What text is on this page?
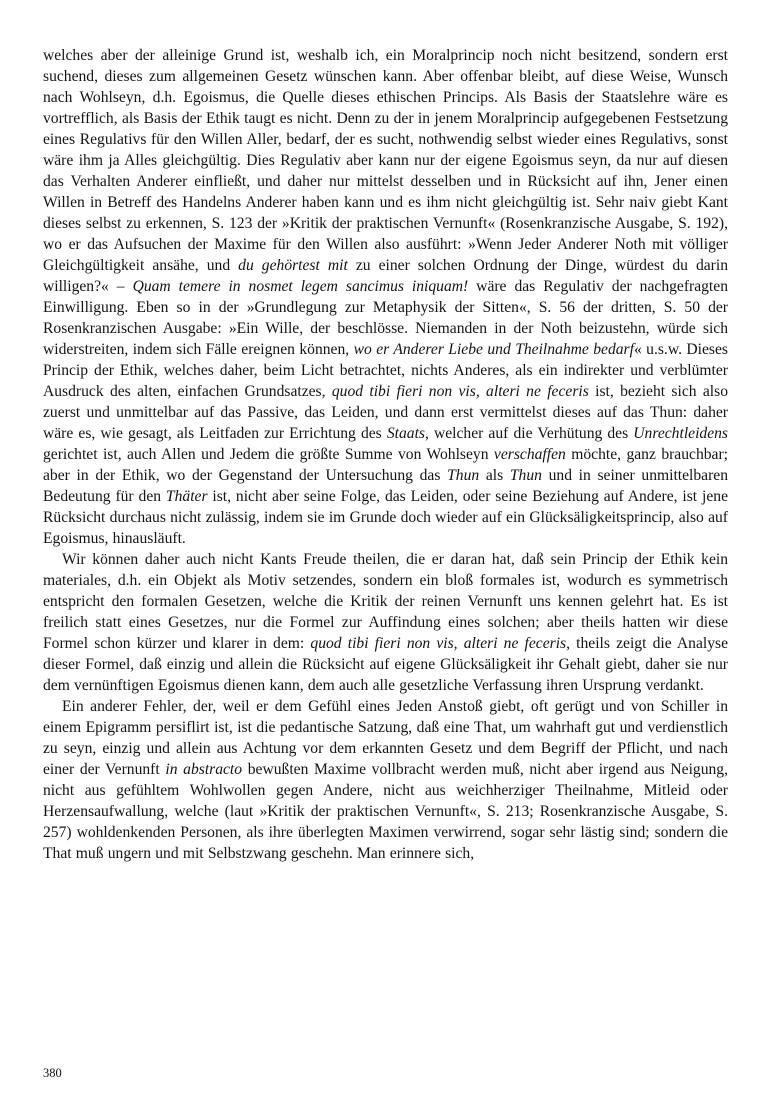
welches aber der alleinige Grund ist, weshalb ich, ein Moralprincip noch nicht besitzend, sondern erst suchend, dieses zum allgemeinen Gesetz wünschen kann. Aber offenbar bleibt, auf diese Weise, Wunsch nach Wohlseyn, d.h. Egoismus, die Quelle dieses ethischen Princips. Als Basis der Staatslehre wäre es vortrefflich, als Basis der Ethik taugt es nicht. Denn zu der in jenem Moralprincip aufgegebenen Festsetzung eines Regulativs für den Willen Aller, bedarf, der es sucht, nothwendig selbst wieder eines Regulativs, sonst wäre ihm ja Alles gleichgültig. Dies Regulativ aber kann nur der eigene Egoismus seyn, da nur auf diesen das Verhalten Anderer einfließt, und daher nur mittelst desselben und in Rücksicht auf ihn, Jener einen Willen in Betreff des Handelns Anderer haben kann und es ihm nicht gleichgültig ist. Sehr naiv giebt Kant dieses selbst zu erkennen, S. 123 der »Kritik der praktischen Vernunft« (Rosenkranzische Ausgabe, S. 192), wo er das Aufsuchen der Maxime für den Willen also ausführt: »Wenn Jeder Anderer Noth mit völliger Gleichgültigkeit ansähe, und du gehörtest mit zu einer solchen Ordnung der Dinge, würdest du darin willigen?« – Quam temere in nosmet legem sancimus iniquam! wäre das Regulativ der nachgefragten Einwilligung. Eben so in der »Grundlegung zur Metaphysik der Sitten«, S. 56 der dritten, S. 50 der Rosenkranzischen Ausgabe: »Ein Wille, der beschlösse. Niemanden in der Noth beizustehn, würde sich widerstreiten, indem sich Fälle ereignen können, wo er Anderer Liebe und Theilnahme bedarf« u.s.w. Dieses Princip der Ethik, welches daher, beim Licht betrachtet, nichts Anderes, als ein indirekter und verblümter Ausdruck des alten, einfachen Grundsatzes, quod tibi fieri non vis, alteri ne feceris ist, bezieht sich also zuerst und unmittelbar auf das Passive, das Leiden, und dann erst vermittelst dieses auf das Thun: daher wäre es, wie gesagt, als Leitfaden zur Errichtung des Staats, welcher auf die Verhütung des Unrechtleidens gerichtet ist, auch Allen und Jedem die größte Summe von Wohlseyn verschaffen möchte, ganz brauchbar; aber in der Ethik, wo der Gegenstand der Untersuchung das Thun als Thun und in seiner unmittelbaren Bedeutung für den Thäter ist, nicht aber seine Folge, das Leiden, oder seine Beziehung auf Andere, ist jene Rücksicht durchaus nicht zulässig, indem sie im Grunde doch wieder auf ein Glücksäligkeitsprincip, also auf Egoismus, hinausläuft.

Wir können daher auch nicht Kants Freude theilen, die er daran hat, daß sein Princip der Ethik kein materiales, d.h. ein Objekt als Motiv setzendes, sondern ein bloß formales ist, wodurch es symmetrisch entspricht den formalen Gesetzen, welche die Kritik der reinen Vernunft uns kennen gelehrt hat. Es ist freilich statt eines Gesetzes, nur die Formel zur Auffindung eines solchen; aber theils hatten wir diese Formel schon kürzer und klarer in dem: quod tibi fieri non vis, alteri ne feceris, theils zeigt die Analyse dieser Formel, daß einzig und allein die Rücksicht auf eigene Glücksäligkeit ihr Gehalt giebt, daher sie nur dem vernünftigen Egoismus dienen kann, dem auch alle gesetzliche Verfassung ihren Ursprung verdankt.

Ein anderer Fehler, der, weil er dem Gefühl eines Jeden Anstoß giebt, oft gerügt und von Schiller in einem Epigramm persiflirt ist, ist die pedantische Satzung, daß eine That, um wahrhaft gut und verdienstlich zu seyn, einzig und allein aus Achtung vor dem erkannten Gesetz und dem Begriff der Pflicht, und nach einer der Vernunft in abstracto bewußten Maxime vollbracht werden muß, nicht aber irgend aus Neigung, nicht aus gefühltem Wohlwollen gegen Andere, nicht aus weichherziger Theilnahme, Mitleid oder Herzensaufwallung, welche (laut »Kritik der praktischen Vernunft«, S. 213; Rosenkranzische Ausgabe, S. 257) wohldenkenden Personen, als ihre überlegten Maximen verwirrend, sogar sehr lästig sind; sondern die That muß ungern und mit Selbstzwang geschehn. Man erinnere sich,

380
